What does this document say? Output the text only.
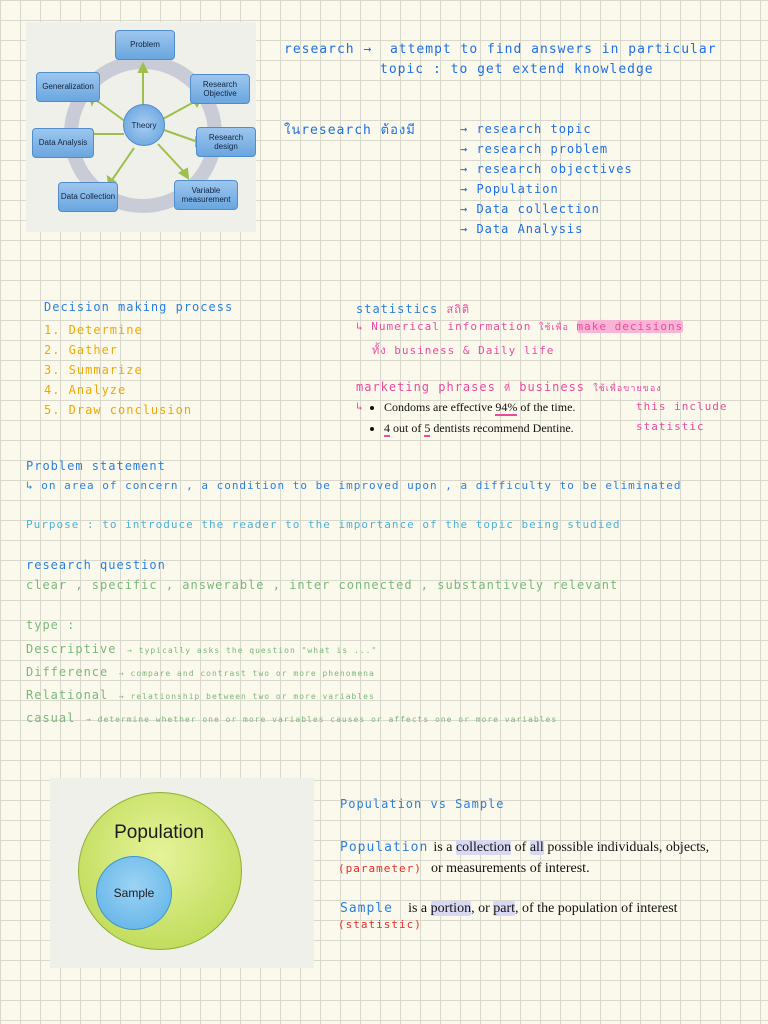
Theory
Problem
Research Objective
Research design
Variable measurement
Data Collection
Data Analysis
Generalization
research →  attempt to find answers in particular
topic : to get extend knowledge
ในresearch ต้องมี	→ research topic
→ research problem
→ research objectives
→ Population
→ Data collection
→ Data Analysis
Decision making process
1. Determine
2. Gather
3. Summarize
4. Analyze
5. Draw conclusion
statistics สถิติ
↳ Numerical information ใช้เพื่อ make decisions
ทั้ง business & Daily life
marketing phrases ที่ business ใช้เพื่อขายของ
↳
• Condoms are effective 94% of the time.
• 4 out of 5 dentists recommend Dentine.
this include
statistic
Problem statement
↳ on area of concern , a condition to be improved upon , a difficulty to be eliminated
Purpose : to introduce the reader to the importance of the topic being studied
research question
clear , specific , answerable , inter connected , substantively relevant
type :
Descriptive → typically asks the question "what is ..."
Difference → compare and contrast two or more phenomena
Relational → relationship between two or more variables
casual → determine whether one or more variables causes or affects one or more variables
Population
Sample
Population vs Sample
Population is a collection of all possible individuals, objects,
(parameter) or measurements of interest.
Sample is a portion, or part, of the population of interest
(statistic)
